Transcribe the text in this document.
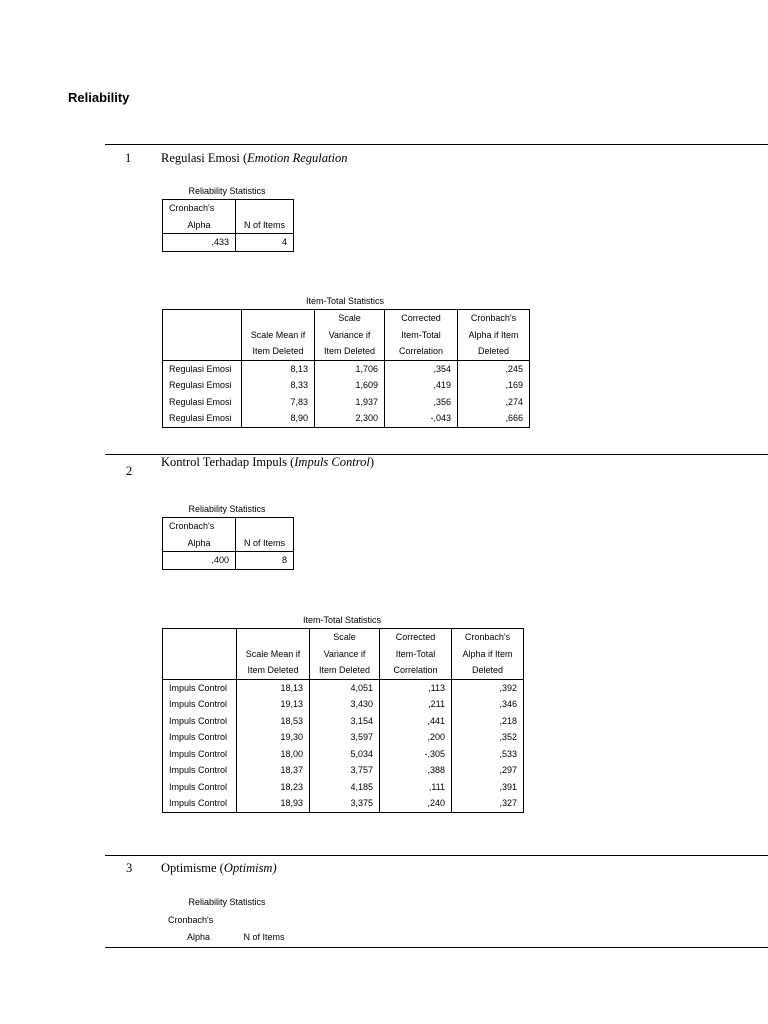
Reliability
1 Regulasi Emosi (Emotion Regulation
Reliability Statistics
Cronbach's	
Alpha	N of Items
,433	4
Item-Total Statistics
		Scale	Corrected	Cronbach's
	Scale Mean if	Variance if	Item-Total	Alpha if Item
	Item Deleted	Item Deleted	Correlation	Deleted
Regulasi Emosi	8,13	1,706	,354	,245
Regulasi Emosi	8,33	1,609	,419	,169
Regulasi Emosi	7,83	1,937	,356	,274
Regulasi Emosi	8,90	2,300	-,043	,666
2
Kontrol Terhadap Impuls (Impuls Control)
Reliability Statistics
Cronbach's	
Alpha	N of Items
,400	8
Item-Total Statistics
		Scale	Corrected	Cronbach's
	Scale Mean if	Variance if	Item-Total	Alpha if Item
	Item Deleted	Item Deleted	Correlation	Deleted
Impuls Control	18,13	4,051	,113	,392
Impuls Control	19,13	3,430	,211	,346
Impuls Control	18,53	3,154	,441	,218
Impuls Control	19,30	3,597	,200	,352
Impuls Control	18,00	5,034	-,305	,533
Impuls Control	18,37	3,757	,388	,297
Impuls Control	18,23	4,185	,111	,391
Impuls Control	18,93	3,375	,240	,327
3 Optimisme (Optimism)
Reliability Statistics
Cronbach's	
Alpha	N of Items
